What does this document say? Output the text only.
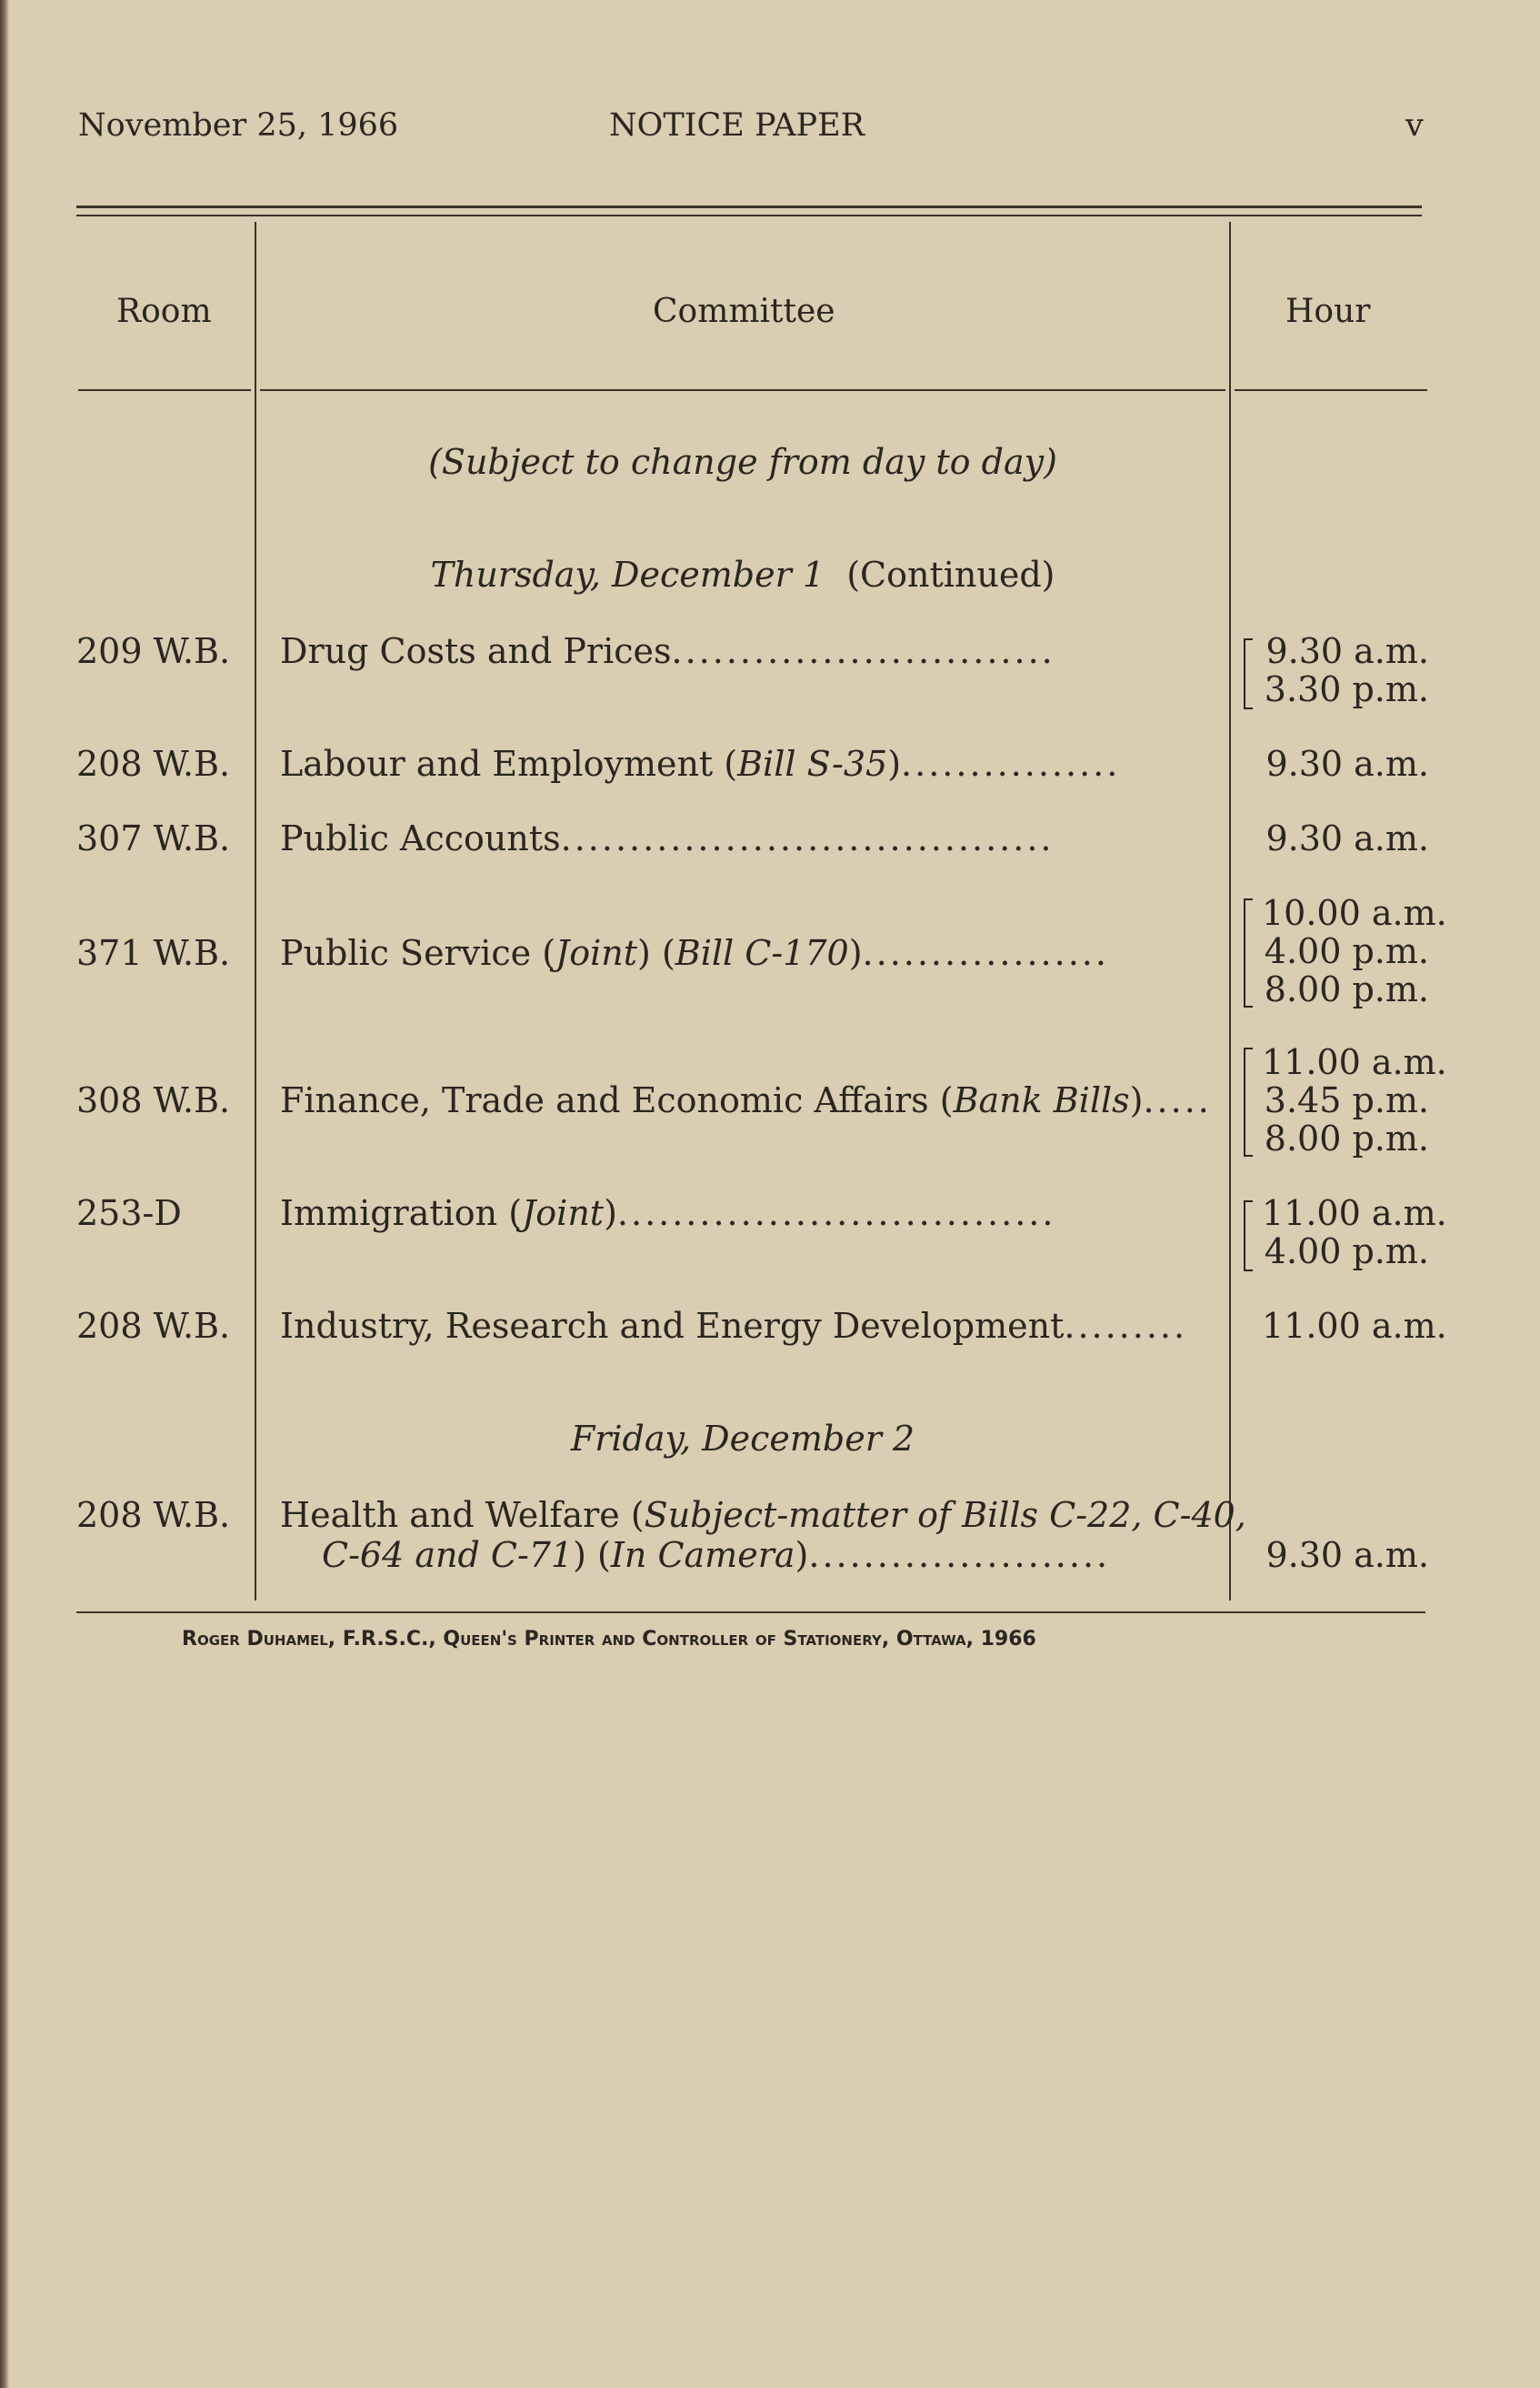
November 25, 1966	NOTICE PAPER	v
Room	Committee	Hour
(Subject to change from day to day)
Thursday, December 1 (Continued)
209 W.B. Drug Costs and Prices............................	9.30 a.m.
3.30 p.m.
208 W.B. Labour and Employment (Bill S-35)................	9.30 a.m.
307 W.B. Public Accounts....................................	9.30 a.m.
371 W.B. Public Service (Joint) (Bill C-170)..................
10.00 a.m.
4.00 p.m.
8.00 p.m.
308 W.B. Finance, Trade and Economic Affairs (Bank Bills).....
11.00 a.m.
3.45 p.m.
8.00 p.m.
253-D	Immigration (Joint)................................	11.00 a.m.
4.00 p.m.
208 W.B. Industry, Research and Energy Development......... 11.00 a.m.
Friday, December 2
208 W.B. Health and Welfare (Subject-matter of Bills C-22, C-40,
C-64 and C-71) (In Camera)......................	9.30 a.m.
Roger Duhamel, F.R.S.C., Queen's Printer and Controller of Stationery, Ottawa, 1966
